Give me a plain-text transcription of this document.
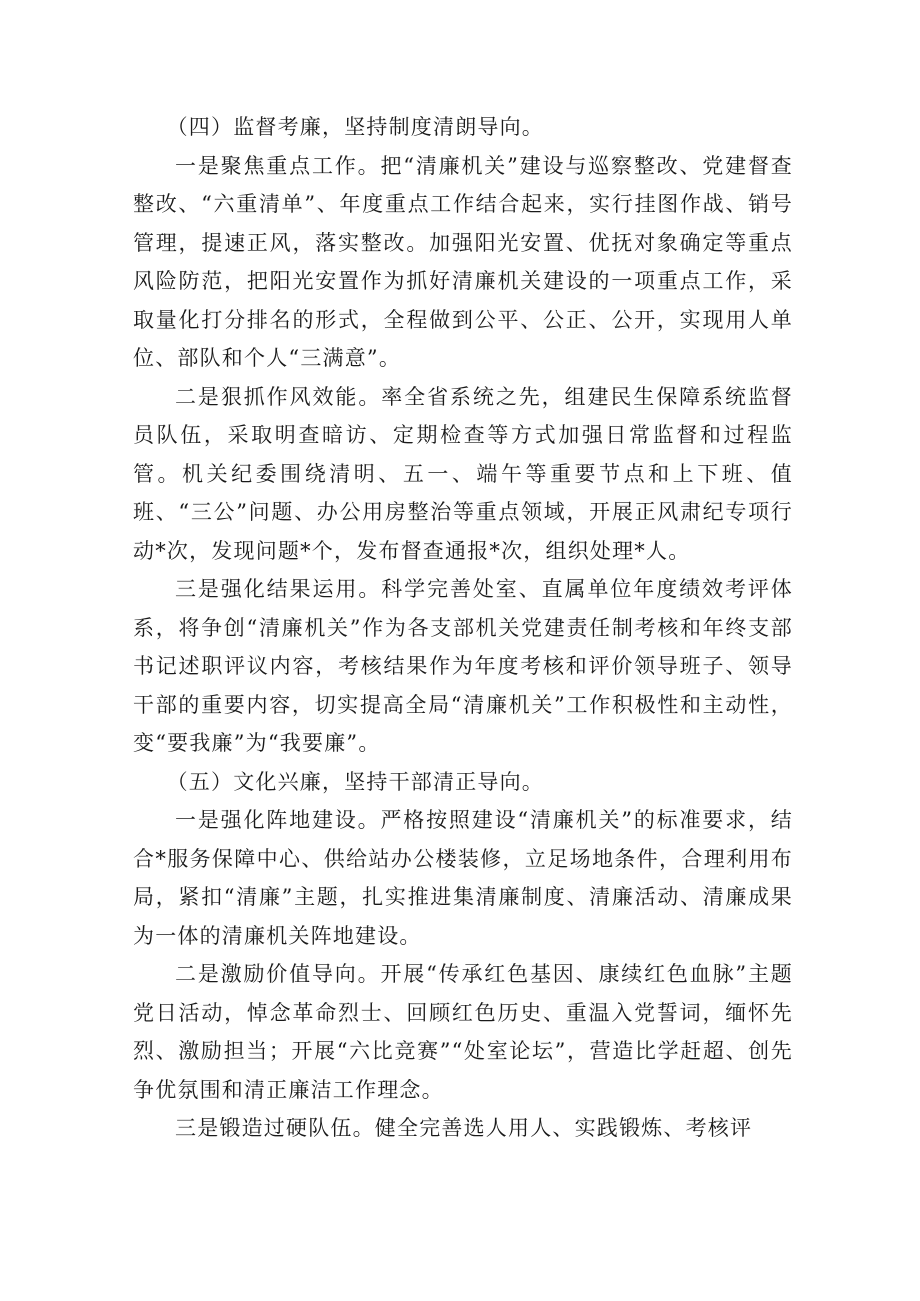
（四）监督考廉，坚持制度清朗导向。

一是聚焦重点工作。把“清廉机关”建设与巡察整改、党建督查整改、“六重清单”、年度重点工作结合起来，实行挂图作战、销号管理，提速正风，落实整改。加强阳光安置、优抚对象确定等重点风险防范，把阳光安置作为抓好清廉机关建设的一项重点工作，采取量化打分排名的形式，全程做到公平、公正、公开，实现用人单位、部队和个人“三满意”。

二是狠抓作风效能。率全省系统之先，组建民生保障系统监督员队伍，采取明查暗访、定期检查等方式加强日常监督和过程监管。机关纪委围绕清明、五一、端午等重要节点和上下班、值班、“三公”问题、办公用房整治等重点领域，开展正风肃纪专项行动*次，发现问题*个，发布督查通报*次，组织处理*人。

三是强化结果运用。科学完善处室、直属单位年度绩效考评体系，将争创“清廉机关”作为各支部机关党建责任制考核和年终支部书记述职评议内容，考核结果作为年度考核和评价领导班子、领导干部的重要内容，切实提高全局“清廉机关”工作积极性和主动性，变“要我廉”为“我要廉”。

（五）文化兴廉，坚持干部清正导向。

一是强化阵地建设。严格按照建设“清廉机关”的标准要求，结合*服务保障中心、供给站办公楼装修，立足场地条件，合理利用布局，紧扣“清廉”主题，扎实推进集清廉制度、清廉活动、清廉成果为一体的清廉机关阵地建设。

二是激励价值导向。开展“传承红色基因、康续红色血脉”主题党日活动，悼念革命烈士、回顾红色历史、重温入党誓词，缅怀先烈、激励担当；开展“六比竞赛”“处室论坛”，营造比学赶超、创先争优氛围和清正廉洁工作理念。

三是锻造过硬队伍。健全完善选人用人、实践锻炼、考核评
